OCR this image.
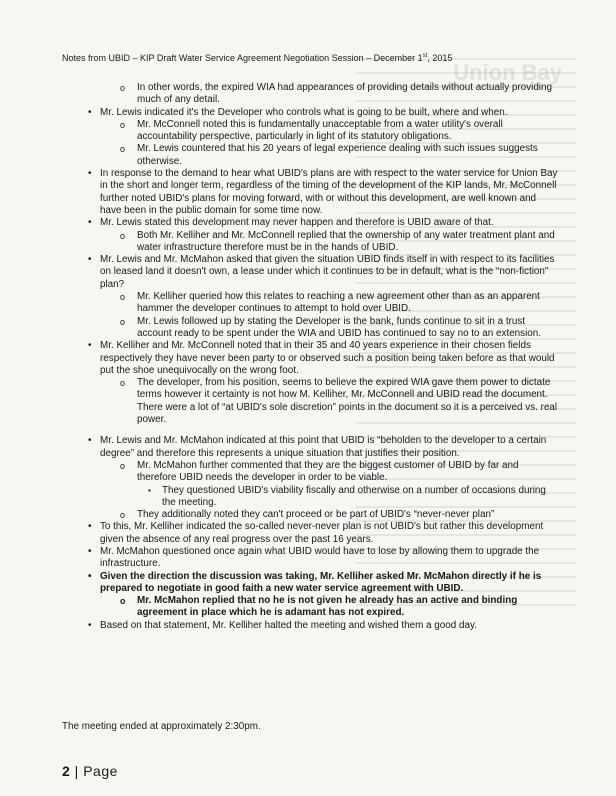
Union Bay
Notes from UBID – KIP Draft Water Service Agreement Negotiation Session – December 1st, 2015
o In other words, the expired WIA had appearances of providing details without actually providing much of any detail.
• Mr. Lewis indicated it's the Developer who controls what is going to be built, where and when.
o Mr. McConnell noted this is fundamentally unacceptable from a water utility's overall accountability perspective, particularly in light of its statutory obligations.
o Mr. Lewis countered that his 20 years of legal experience dealing with such issues suggests otherwise.
• In response to the demand to hear what UBID's plans are with respect to the water service for Union Bay in the short and longer term, regardless of the timing of the development of the KIP lands, Mr. McConnell further noted UBID's plans for moving forward, with or without this development, are well known and have been in the public domain for some time now.
• Mr. Lewis stated this development may never happen and therefore is UBID aware of that.
o Both Mr. Kelliher and Mr. McConnell replied that the ownership of any water treatment plant and water infrastructure therefore must be in the hands of UBID.
• Mr. Lewis and Mr. McMahon asked that given the situation UBID finds itself in with respect to its facilities on leased land it doesn't own, a lease under which it continues to be in default, what is the “non-fiction” plan?
o Mr. Kelliher queried how this relates to reaching a new agreement other than as an apparent hammer the developer continues to attempt to hold over UBID.
o Mr. Lewis followed up by stating the Developer is the bank, funds continue to sit in a trust account ready to be spent under the WIA and UBID has continued to say no to an extension.
• Mr. Kelliher and Mr. McConnell noted that in their 35 and 40 years experience in their chosen fields respectively they have never been party to or observed such a position being taken before as that would put the shoe unequivocally on the wrong foot.
o The developer, from his position, seems to believe the expired WIA gave them power to dictate terms however it certainty is not how M. Kelliher, Mr. McConnell and UBID read the document. There were a lot of “at UBID's sole discretion” points in the document so it is a perceived vs. real power.
• Mr. Lewis and Mr. McMahon indicated at this point that UBID is “beholden to the developer to a certain degree” and therefore this represents a unique situation that justifies their position.
o Mr. McMahon further commented that they are the biggest customer of UBID by far and therefore UBID needs the developer in order to be viable.
▪ They questioned UBID's viability fiscally and otherwise on a number of occasions during the meeting.
o They additionally noted they can't proceed or be part of UBID's “never-never plan”
• To this, Mr. Kelliher indicated the so-called never-never plan is not UBID's but rather this development given the absence of any real progress over the past 16 years.
• Mr. McMahon questioned once again what UBID would have to lose by allowing them to upgrade the infrastructure.
• Given the direction the discussion was taking, Mr. Kelliher asked Mr. McMahon directly if he is prepared to negotiate in good faith a new water service agreement with UBID.
o Mr. McMahon replied that no he is not given he already has an active and binding agreement in place which he is adamant has not expired.
• Based on that statement, Mr. Kelliher halted the meeting and wished them a good day.
The meeting ended at approximately 2:30pm.
2 | Page
